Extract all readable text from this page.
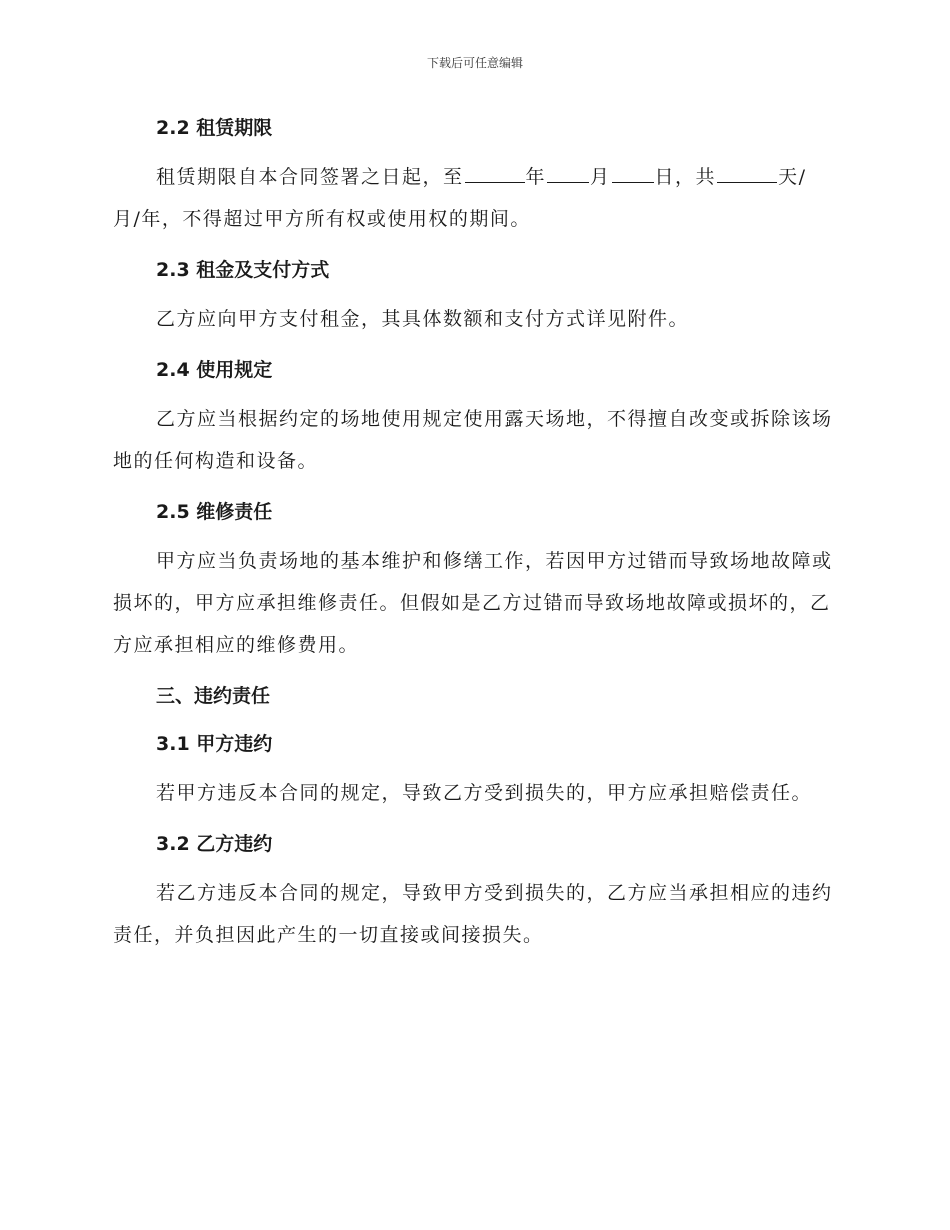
下载后可任意编辑
2.2 租赁期限

租赁期限自本合同签署之日起，至	年 月 日，共	天/月/年，不得超过甲方所有权或使用权的期间。

2.3 租金及支付方式

乙方应向甲方支付租金，其具体数额和支付方式详见附件。

2.4 使用规定

乙方应当根据约定的场地使用规定使用露天场地，不得擅自改变或拆除该场地的任何构造和设备。

2.5 维修责任

甲方应当负责场地的基本维护和修缮工作，若因甲方过错而导致场地故障或损坏的，甲方应承担维修责任。但假如是乙方过错而导致场地故障或损坏的，乙方应承担相应的维修费用。

三、违约责任
3.1 甲方违约

若甲方违反本合同的规定，导致乙方受到损失的，甲方应承担赔偿责任。

3.2 乙方违约

若乙方违反本合同的规定，导致甲方受到损失的，乙方应当承担相应的违约责任，并负担因此产生的一切直接或间接损失。
